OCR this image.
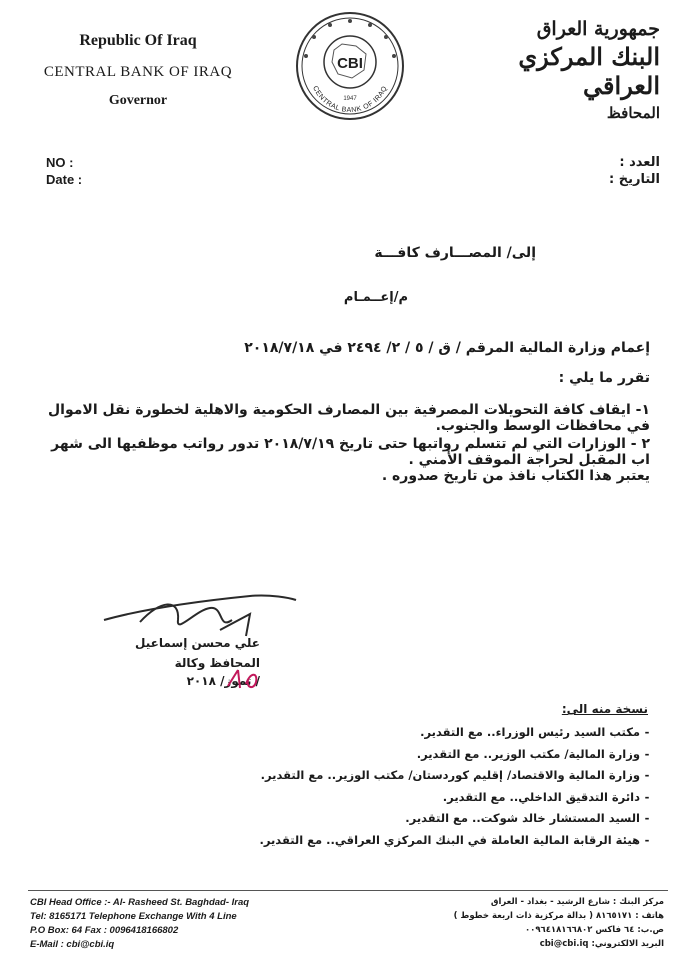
Republic Of Iraq
CENTRAL BANK OF IRAQ
Governor
CBI
1947
CENTRAL BANK OF IRAQ
جمهورية العراق
البنك المركزي العراقي
المحافظ
NO :
Date :
العدد :
التاريخ :
إلى/ المصـــارف كافـــة
م/إعــمـام
إعمام وزارة المالية المرقم / ق / ٥ / ٢/ ٢٤٩٤ في ٢٠١٨/٧/١٨
تقرر ما يلي :
١- ايقاف كافة التحويلات المصرفية بين المصارف الحكومية والاهلية لخطورة نقل الاموال في محافظات الوسط والجنوب.
٢ - الوزارات التي لم تتسلم رواتبها حتى تاريخ ٢٠١٨/٧/١٩ تدور رواتب موظفيها الى شهر اب المقبل لحراجة الموقف الأمني .
يعتبر هذا الكتاب نافذ من تاريخ صدوره .
علي محسن إسماعيل
المحافظ وكالة
/ تموز/ ٢٠١٨
نسخة منه الى:
-مكتب السيد رئيس الوزراء.. مع التقدير.
-وزارة المالية/ مكتب الوزير.. مع التقدير.
-وزارة المالية والاقتصاد/ إقليم كوردستان/ مكتب الوزير.. مع التقدير.
-دائرة التدقيق الداخلي.. مع التقدير.
-السيد المستشار خالد شوكت.. مع التقدير.
-هيئة الرقابة المالية العاملة في البنك المركزي العراقي.. مع التقدير.
CBI Head Office :- Al- Rasheed St. Baghdad- Iraq
Tel: 8165171 Telephone Exchange With 4 Line
P.O Box: 64 Fax : 0096418166802
E-Mail : cbi@cbi.iq
مركز البنك : شارع الرشيد - بغداد - العراق
هاتف : ٨١٦٥١٧١ ( بدالة مركزية ذات اربعة خطوط )
ص.ب: ٦٤ فاكس ٠٠٩٦٤١٨١٦٦٨٠٢
البريد الالكتروني: cbi@cbi.iq
